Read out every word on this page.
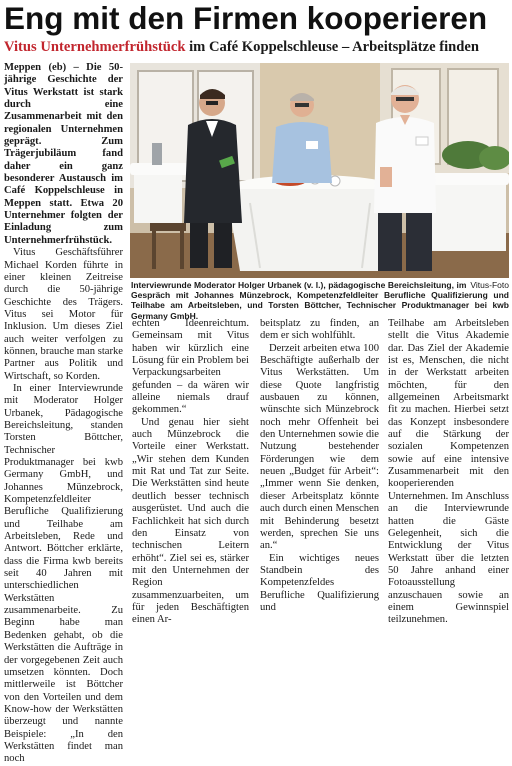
Eng mit den Firmen kooperieren
Vitus Unternehmerfrühstück im Café Koppelschleuse – Arbeitsplätze finden

Meppen (eb) – Die 50-jährige Geschichte der Vitus Werkstatt ist stark durch eine Zusammenarbeit mit den regionalen Unternehmen geprägt. Zum Trägerjubiläum fand daher ein ganz besonderer Austausch im Café Koppelschleuse in Meppen statt. Etwa 20 Unternehmer folgten der Einladung zum Unternehmerfrühstück.

Vitus Geschäftsführer Michael Korden führte in einer kleinen Zeitreise durch die 50-jährige Geschichte des Trägers. Vitus sei Motor für Inklusion. Um dieses Ziel auch weiter verfolgen zu können, brauche man starke Partner aus Politik und Wirtschaft, so Korden.

In einer Interviewrunde mit Moderator Holger Urbanek, Pädagogische Bereichsleitung, standen Torsten Böttcher, Technischer Produktmanager bei kwb Germany GmbH, und Johannes Münzebrock, Kompetenzfeldleiter Berufliche Qualifizierung und Teilhabe am Arbeitsleben, Rede und Antwort. Böttcher erklärte, dass die Firma kwb bereits seit 40 Jahren mit unterschiedlichen Werkstätten zusammenarbeite. Zu Beginn habe man Bedenken gehabt, ob die Werkstätten die Aufträge in der vorgegebenen Zeit auch umsetzen könnten. Doch mittlerweile ist Böttcher von den Vorteilen und dem Know-how der Werkstätten überzeugt und nannte Beispiele: „In den Werkstätten findet man noch

Vitus-Foto
Interviewrunde Moderator Holger Urbanek (v. l.), pädagogische Bereichsleitung, im Gespräch mit Johannes Münzebrock, Kompetenzfeldleiter Berufliche Qualifizierung und Teilhabe am Arbeitsleben, und Torsten Böttcher, Technischer Produktmanager bei kwb Germany GmbH.

echten Ideenreichtum. Gemeinsam mit Vitus haben wir kürzlich eine Lösung für ein Problem bei Verpackungsarbeiten gefunden – da wären wir alleine niemals drauf gekommen.“

Und genau hier sieht auch Münzebrock die Vorteile einer Werkstatt. „Wir stehen dem Kunden mit Rat und Tat zur Seite. Die Werkstätten sind heute deutlich besser technisch ausgerüstet. Und auch die Fachlichkeit hat sich durch den Einsatz von technischen Leitern erhöht“. Ziel sei es, stärker mit den Unternehmen der Region zusammenzuarbeiten, um für jeden Beschäftigten einen Ar-

beitsplatz zu finden, an dem er sich wohlfühlt.

Derzeit arbeiten etwa 100 Beschäftigte außerhalb der Vitus Werkstätten. Um diese Quote langfristig ausbauen zu können, wünschte sich Münzebrock noch mehr Offenheit bei den Unternehmen sowie die Nutzung bestehender Förderungen wie dem neuen „Budget für Arbeit“: „Immer wenn Sie denken, dieser Arbeitsplatz könnte auch durch einen Menschen mit Behinderung besetzt werden, sprechen Sie uns an.“

Ein wichtiges neues Standbein des Kompetenzfeldes Berufliche Qualifizierung und

Teilhabe am Arbeitsleben stellt die Vitus Akademie dar. Das Ziel der Akademie ist es, Menschen, die nicht in der Werkstatt arbeiten möchten, für den allgemeinen Arbeitsmarkt fit zu machen. Hierbei setzt das Konzept insbesondere auf die Stärkung der sozialen Kompetenzen sowie auf eine intensive Zusammenarbeit mit den kooperierenden Unternehmen. Im Anschluss an die Interviewrunde hatten die Gäste Gelegenheit, sich die Entwicklung der Vitus Werkstatt über die letzten 50 Jahre anhand einer Fotoausstellung anzuschauen sowie an einem Gewinnspiel teilzunehmen.
